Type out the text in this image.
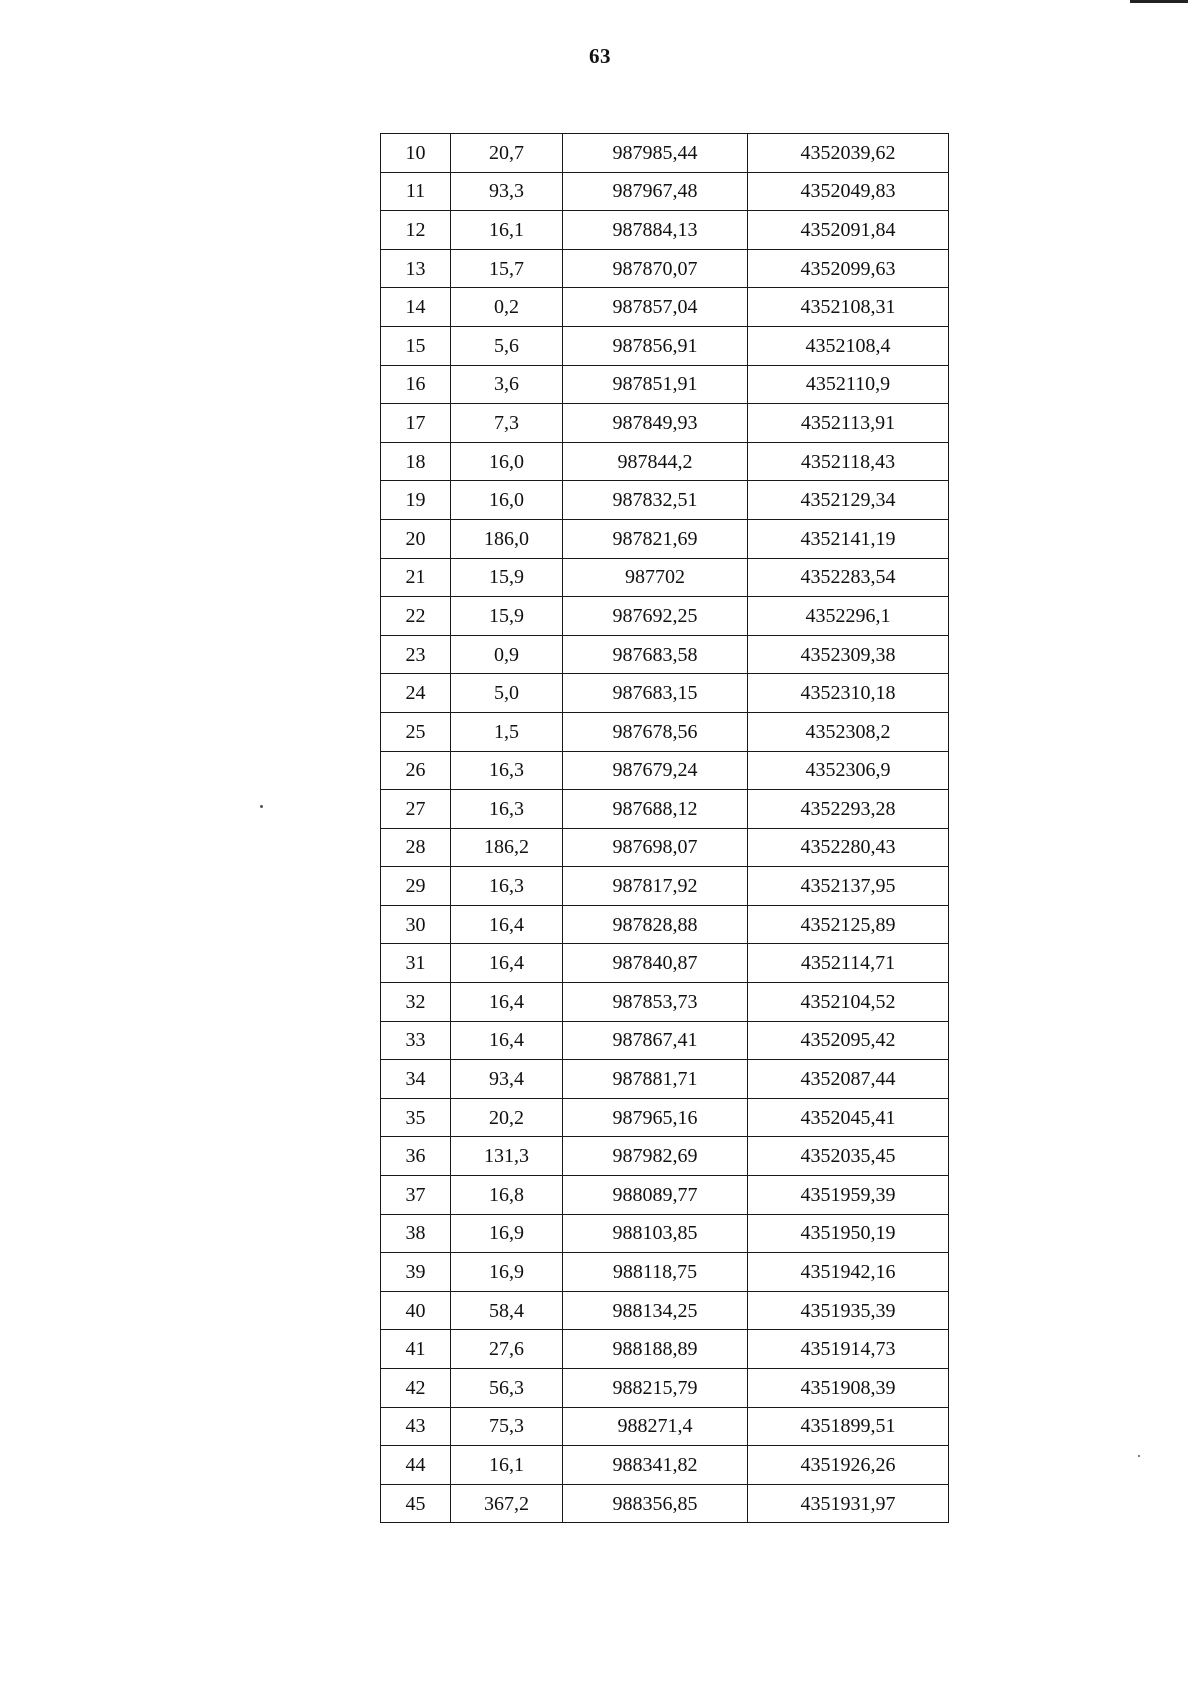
63
10	20,7	987985,44	4352039,62
11	93,3	987967,48	4352049,83
12	16,1	987884,13	4352091,84
13	15,7	987870,07	4352099,63
14	0,2	987857,04	4352108,31
15	5,6	987856,91	4352108,4
16	3,6	987851,91	4352110,9
17	7,3	987849,93	4352113,91
18	16,0	987844,2	4352118,43
19	16,0	987832,51	4352129,34
20	186,0	987821,69	4352141,19
21	15,9	987702	4352283,54
22	15,9	987692,25	4352296,1
23	0,9	987683,58	4352309,38
24	5,0	987683,15	4352310,18
25	1,5	987678,56	4352308,2
26	16,3	987679,24	4352306,9
27	16,3	987688,12	4352293,28
28	186,2	987698,07	4352280,43
29	16,3	987817,92	4352137,95
30	16,4	987828,88	4352125,89
31	16,4	987840,87	4352114,71
32	16,4	987853,73	4352104,52
33	16,4	987867,41	4352095,42
34	93,4	987881,71	4352087,44
35	20,2	987965,16	4352045,41
36	131,3	987982,69	4352035,45
37	16,8	988089,77	4351959,39
38	16,9	988103,85	4351950,19
39	16,9	988118,75	4351942,16
40	58,4	988134,25	4351935,39
41	27,6	988188,89	4351914,73
42	56,3	988215,79	4351908,39
43	75,3	988271,4	4351899,51
44	16,1	988341,82	4351926,26
45	367,2	988356,85	4351931,97
